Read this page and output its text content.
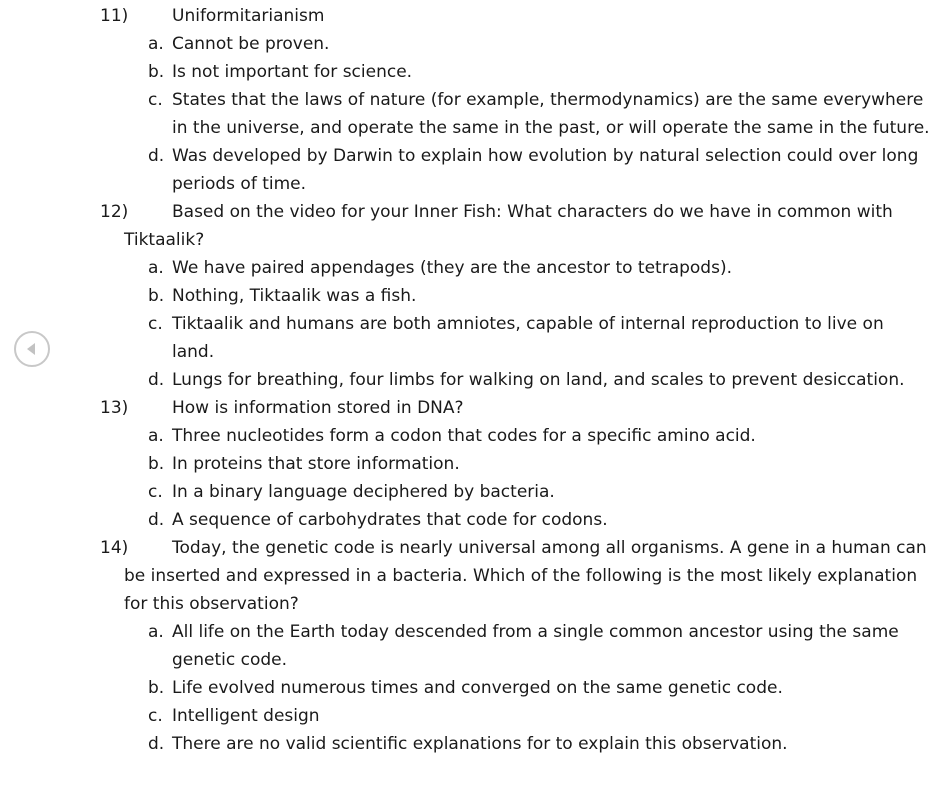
11)	Uniformitarianism
a. Cannot be proven.
b. Is not important for science.
c. States that the laws of nature (for example, thermodynamics) are the same everywhere
in the universe, and operate the same in the past, or will operate the same in the future.
d. Was developed by Darwin to explain how evolution by natural selection could over long
periods of time.
12)	Based on the video for your Inner Fish: What characters do we have in common with
Tiktaalik?
a. We have paired appendages (they are the ancestor to tetrapods).
b. Nothing, Tiktaalik was a fish.
c. Tiktaalik and humans are both amniotes, capable of internal reproduction to live on
land.
d. Lungs for breathing, four limbs for walking on land, and scales to prevent desiccation.
13)	How is information stored in DNA?
a. Three nucleotides form a codon that codes for a specific amino acid.
b. In proteins that store information.
c. In a binary language deciphered by bacteria.
d. A sequence of carbohydrates that code for codons.
14)	Today, the genetic code is nearly universal among all organisms. A gene in a human can
be inserted and expressed in a bacteria. Which of the following is the most likely explanation
for this observation?
a. All life on the Earth today descended from a single common ancestor using the same
genetic code.
b. Life evolved numerous times and converged on the same genetic code.
c. Intelligent design
d. There are no valid scientific explanations for to explain this observation.
